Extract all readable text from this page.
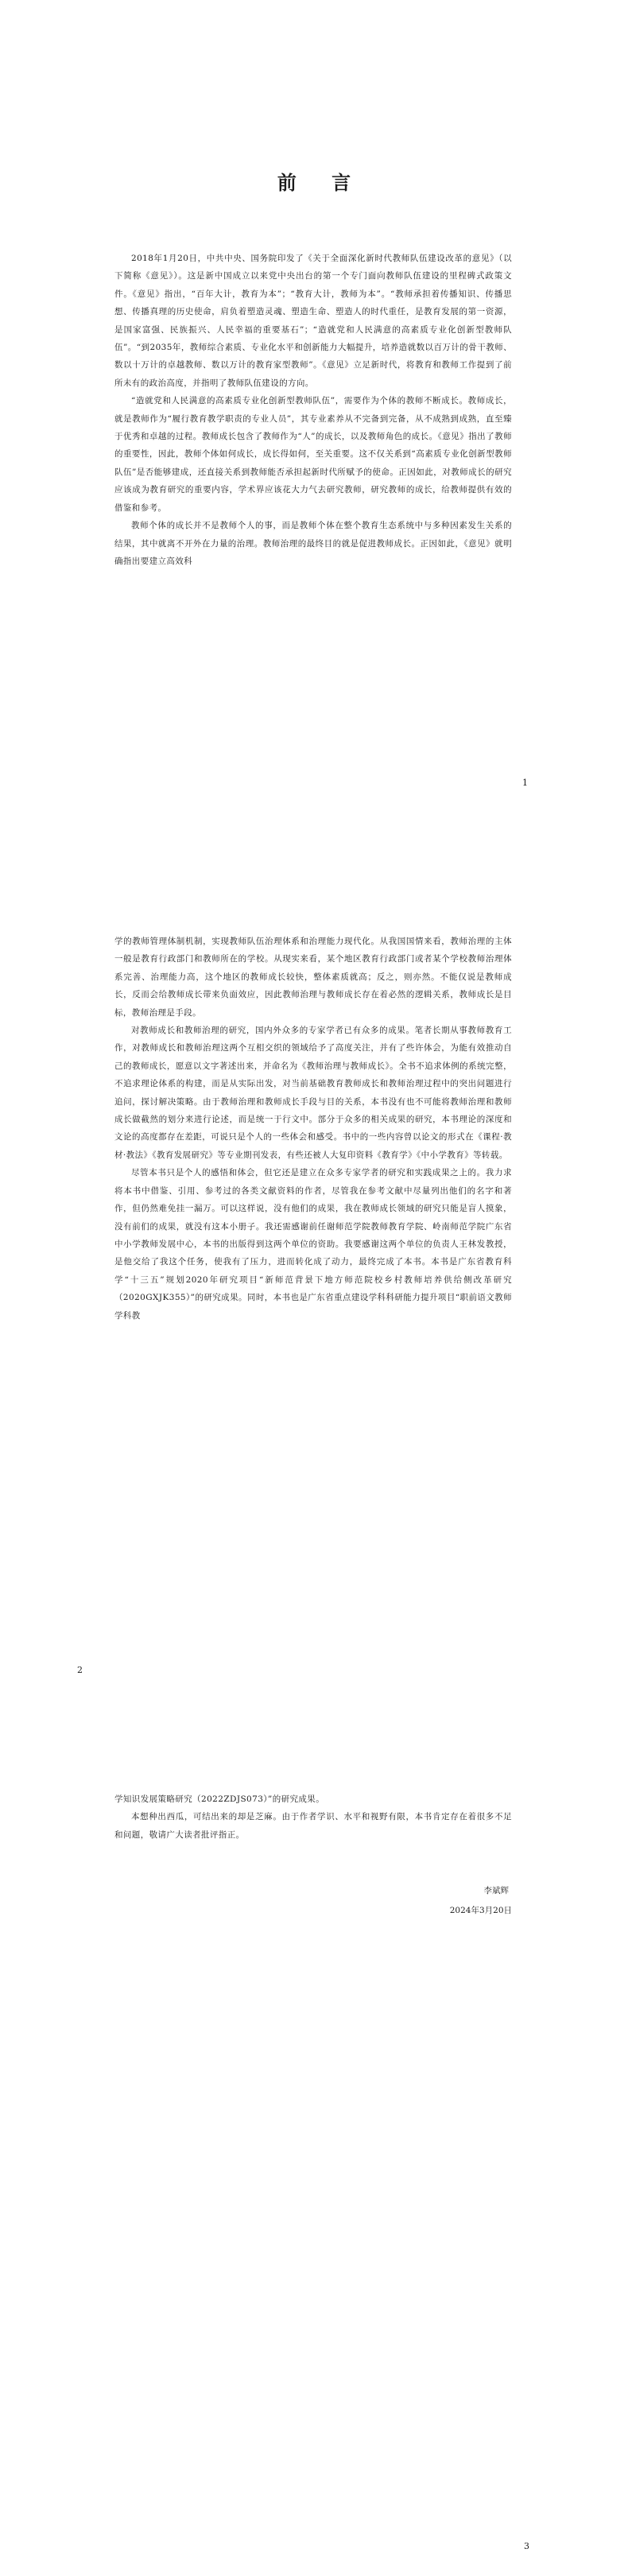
前 言

2018年1月20日，中共中央、国务院印发了《关于全面深化新时代教师队伍建设改革的意见》（以下简称《意见》）。这是新中国成立以来党中央出台的第一个专门面向教师队伍建设的里程碑式政策文件。《意见》指出，“百年大计，教育为本”；“教育大计，教师为本”。“教师承担着传播知识、传播思想、传播真理的历史使命，肩负着塑造灵魂、塑造生命、塑造人的时代重任，是教育发展的第一资源，是国家富强、民族振兴、人民幸福的重要基石”；“造就党和人民满意的高素质专业化创新型教师队伍”。“到2035年，教师综合素质、专业化水平和创新能力大幅提升，培养造就数以百万计的骨干教师、数以十万计的卓越教师、数以万计的教育家型教师”。《意见》立足新时代，将教育和教师工作提到了前所未有的政治高度，并指明了教师队伍建设的方向。

“造就党和人民满意的高素质专业化创新型教师队伍”，需要作为个体的教师不断成长。教师成长，就是教师作为“履行教育教学职责的专业人员”，其专业素养从不完备到完备，从不成熟到成熟，直至臻于优秀和卓越的过程。教师成长包含了教师作为“人”的成长，以及教师角色的成长。《意见》指出了教师的重要性，因此，教师个体如何成长，成长得如何，至关重要。这不仅关系到“高素质专业化创新型教师队伍”是否能够建成，还直接关系到教师能否承担起新时代所赋予的使命。正因如此，对教师成长的研究应该成为教育研究的重要内容，学术界应该花大力气去研究教师，研究教师的成长，给教师提供有效的借鉴和参考。

教师个体的成长并不是教师个人的事，而是教师个体在整个教育生态系统中与多种因素发生关系的结果，其中就离不开外在力量的治理。教师治理的最终目的就是促进教师成长。正因如此，《意见》就明确指出要建立高效科

1

学的教师管理体制机制，实现教师队伍治理体系和治理能力现代化。从我国国情来看，教师治理的主体一般是教育行政部门和教师所在的学校。从现实来看，某个地区教育行政部门或者某个学校教师治理体系完善、治理能力高，这个地区的教师成长较快，整体素质就高；反之，则亦然。不能仅说是教师成长，反而会给教师成长带来负面效应，因此教师治理与教师成长存在着必然的逻辑关系，教师成长是目标，教师治理是手段。

对教师成长和教师治理的研究，国内外众多的专家学者已有众多的成果。笔者长期从事教师教育工作，对教师成长和教师治理这两个互相交织的领域给予了高度关注，并有了些许体会，为能有效推动自己的教师成长，愿意以文字著述出来，并命名为《教师治理与教师成长》。全书不追求体例的系统完整，不追求理论体系的构建，而是从实际出发，对当前基础教育教师成长和教师治理过程中的突出问题进行追问，探讨解决策略。由于教师治理和教师成长手段与目的关系，本书没有也不可能将教师治理和教师成长做截然的划分来进行论述，而是统一于行文中。部分于众多的相关成果的研究，本书理论的深度和文论的高度都存在差距，可说只是个人的一些体会和感受。书中的一些内容曾以论文的形式在《课程·教材·教法》《教育发展研究》等专业期刊发表，有些还被人大复印资料《教育学》《中小学教育》等转载。

尽管本书只是个人的感悟和体会，但它还是建立在众多专家学者的研究和实践成果之上的。我力求将本书中借鉴、引用、参考过的各类文献资料的作者，尽管我在参考文献中尽量列出他们的名字和著作，但仍然难免挂一漏万。可以这样说，没有他们的成果，我在教师成长领域的研究只能是盲人摸象，没有前们的成果，就没有这本小册子。我还需感谢前任谢师范学院教师教育学院、岭南师范学院广东省中小学教师发展中心，本书的出版得到这两个单位的资助。我要感谢这两个单位的负责人王林发教授，是他交给了我这个任务，使我有了压力，进而转化成了动力，最终完成了本书。本书是广东省教育科学“十三五”规划2020年研究项目“新师范背景下地方师范院校乡村教师培养供给侧改革研究（2020GXJK355）”的研究成果。同时，本书也是广东省重点建设学科科研能力提升项目“职前语文教师学科教

2

学知识发展策略研究（2022ZDJS073）”的研究成果。

本想种出西瓜，可结出来的却是芝麻。由于作者学识、水平和视野有限，本书肯定存在着很多不足和问题，敬请广大读者批评指正。

李斌辉
2024年3月20日
3
